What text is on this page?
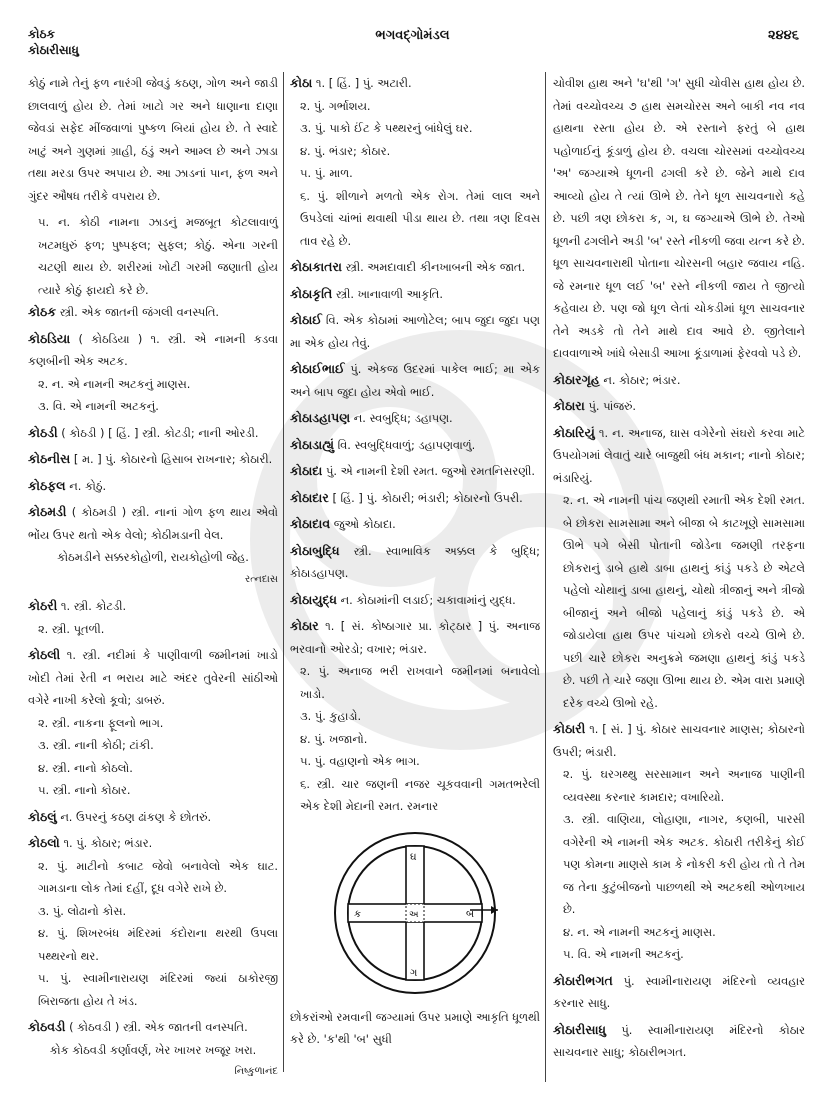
કોઠક
કોઠારીસાધુ
ભગવદ્ગોમંડલ	૨૪૪૬

કોઠું નામે તેનું ફળ નારંગી જેવડું કઠણ, ગોળ અને જાડી છાલવાળું હોય છે. તેમાં ખાટો ગર અને ધાણાના દાણા જેવડાં સફેદ મીંજવાળાં પુષ્કળ બિયાં હોય છે. તે સ્વાદે ખાટું અને ગુણમાં ગ્રાહી, ઠંડું અને આમ્લ છે અને ઝાડા તથા મરડા ઉપર અપાય છે. આ ઝાડનાં પાન, ફળ અને ગુંદર ઔષધ તરીકે વપરાય છે.

૫. ન. કોઠી નામના ઝાડનું મજબૂત કોટલાવાળું ખટમધુરું ફળ; પુષ્પફલ; સુફલ; કોઠું. એના ગરની ચટણી થાય છે. શરીરમાં ખોટી ગરમી જણાતી હોય ત્યારે કોઠું ફાયદો કરે છે.

કોઠક સ્ત્રી. એક જાતની જંગલી વનસ્પતિ.

કોઠડિયા ( કોઠડિયા ) ૧. સ્ત્રી. એ નામની કડવા કણબીની એક અટક.

૨. ન. એ નામની અટકનું માણસ.

૩. વિ. એ નામની અટકનું.

કોઠડી ( કોઠડી ) [ હિં. ] સ્ત્રી. કોટડી; નાની ઓરડી.

કોઠનીસ [ મ. ] પું. કોઠારનો હિસાબ રાખનાર; કોઠારી.

કોઠફલ ન. કોઠું.

કોઠમડી ( કોઠમડી ) સ્ત્રી. નાનાં ગોળ ફળ થાય એવો ભોંય ઉપર થતો એક વેલો; કોઠીમડાની વેલ.

કોઠમડીને સક્કરકોહોળી, રાયકોહોળી જેહ.

રત્નદાસ

કોઠરી ૧. સ્ત્રી. કોટડી.

૨. સ્ત્રી. પૂતળી.

કોઠલી ૧. સ્ત્રી. નદીમાં કે પાણીવાળી જમીનમાં ખાડો ખોદી તેમાં રેતી ન ભરાય માટે અંદર તુવેરની સાંઠીઓ વગેરે નાખી કરેલો કૂવો; ડાબરું.

૨. સ્ત્રી. નાકના ફૂલનો ભાગ.

૩. સ્ત્રી. નાની કોઠી; ટાંકી.

૪. સ્ત્રી. નાનો કોઠલો.

૫. સ્ત્રી. નાનો કોઠાર.

કોઠલું ન. ઉપરનું કઠણ ઢાંકણ કે છોતરું.

કોઠલો ૧. પું. કોઠાર; ભંડાર.

૨. પું. માટીનો કબાટ જેવો બનાવેલો એક ઘાટ. ગામડાના લોક તેમાં દહીં, દૂધ વગેરે રાખે છે.

૩. પું. લોઢાનો કોસ.

૪. પું. શિખરબંધ મંદિરમાં કંદોરાના થરથી ઉપલા પથ્થરનો થર.

૫. પું. સ્વામીનારાયણ મંદિરમાં જ્યાં ઠાકોરજી બિરાજતા હોય તે ખંડ.

કોઠવડી ( કોઠવડી ) સ્ત્રી. એક જાતની વનસ્પતિ.

કોક કોઠવડી કર્ણાવર્ણ, ખેર ખાખર ખજૂર ખરા.

નિષ્કુળાનંદ

કોઠા ૧. [ હિં. ] પું. અટારી.

૨. પું. ગર્ભાશય.

૩. પું. પાકો ઈંટ કે પથ્થરનું બાંધેલું ઘર.

૪. પું. ભંડાર; કોઠાર.

૫. પું. માળ.

૬. પું. શીળાને મળતો એક રોગ. તેમાં લાલ અને ઉપડેલાં ચાંભાં થવાથી પીડા થાય છે. તથા ત્રણ દિવસ તાવ રહે છે.

કોઠાકાતરા સ્ત્રી. અમદાવાદી કીનખાબની એક જાત.

કોઠાકૃતિ સ્ત્રી. ખાનાવાળી આકૃતિ.

કોઠાઈ વિ. એક કોઠામાં આળોટેલ; બાપ જુદા જુદા પણ મા એક હોય તેવું.

કોઠાઈભાઈ પું. એકજ ઉદરમાં પાકેલ ભાઈ; મા એક અને બાપ જુદા હોય એવો ભાઈ.

કોઠાડહાપણ ન. સ્વબુદ્ધિ; ડહાપણ.

કોઠાડાહ્યું વિ. સ્વબુદ્ધિવાળું; ડહાપણવાળું.

કોઠાદા પું. એ નામની દેશી રમત. જુઓ રમતનિસરણી.

કોઠાદાર [ હિં. ] પું. કોઠારી; ભંડારી; કોઠારનો ઉપરી.

કોઠાદાવ જુઓ કોઠાદા.

કોઠાબુદ્ધિ સ્ત્રી. સ્વાભાવિક અક્કલ કે બુદ્ધિ; કોઠાડહાપણ.

કોઠાયુદ્ધ ન. કોઠામાંની લડાઈ; ચકાવામાંનું યુદ્ધ.

કોઠાર ૧. [ સં. કોષ્ઠાગાર પ્રા. કોટ્ઠાર ] પું. અનાજ ભરવાનો ઓરડો; વખાર; ભંડાર.

૨. પું. અનાજ ભરી રાખવાને જમીનમાં બનાવેલો ખાડો.

૩. પું. કુહાડો.

૪. પું. ખજાનો.

૫. પું. વહાણનો એક ભાગ.

૬. સ્ત્રી. ચાર જણની નજર ચૂકવવાની ગમતભરેલી એક દેશી મેદાની રમત. રમનાર

ઘ
ક	અ	બ
ગ

છોકરાંઓ રમવાની જગ્યામાં ઉપર પ્રમાણે આકૃતિ ધૂળથી કરે છે. 'ક'થી 'બ' સુધી

ચોવીશ હાથ અને 'ઘ'થી 'ગ' સુધી ચોવીસ હાથ હોય છે. તેમાં વચ્ચોવચ્ચ ૭ હાથ સમચોરસ અને બાકી નવ નવ હાથના રસ્તા હોય છે. એ રસ્તાને ફરતું બે હાથ પહોળાઈનું કૂંડાળું હોય છે. વચલા ચોરસમાં વચ્ચોવચ્ચ 'અ' જગ્યાએ ધૂળની ઢગલી કરે છે. જેને માથે દાવ આવ્યો હોય તે ત્યાં ઊભે છે. તેને ધૂળ સાચવનારો કહે છે. પછી ત્રણ છોકરા ક, ગ, ઘ જગ્યાએ ઊભે છે. તેઓ ધૂળની ઢગલીને અડી 'બ' રસ્તે નીકળી જવા યત્ન કરે છે. ધૂળ સાચવનારાથી પોતાના ચોરસની બહાર જવાય નહિ. જે રમનાર ધૂળ લઈ 'બ' રસ્તે નીકળી જાય તે જીત્યો કહેવાય છે. પણ જો ધૂળ લેતાં ચોકડીમાં ધૂળ સાચવનાર તેને અડકે તો તેને માથે દાવ આવે છે. જીતેલાને દાવવાળાએ ખાંધે બેસાડી આખા કૂંડાળામાં ફેરવવો પડે છે.

કોઠારગૃહ ન. કોઠાર; ભંડાર.

કોઠારા પું. પાંજરું.

કોઠારિયું ૧. ન. અનાજ, ઘાસ વગેરેનો સંઘરો કરવા માટે ઉપયોગમાં લેવાતું ચારે બાજુથી બંધ મકાન; નાનો કોઠાર; ભંડારિયું.

૨. ન. એ નામની પાંચ જણથી રમાતી એક દેશી રમત. બે છોકરા સામસામા અને બીજા બે કાટખૂણે સામસામા ઊભે પગે બેસી પોતાની જોડેના જમણી તરફના છોકરાનું ડાબે હાથે ડાબા હાથનું કાંડું પકડે છે એટલે પહેલો ચોથાનું ડાબા હાથનું, ચોથો ત્રીજાનું અને ત્રીજો બીજાનું અને બીજો પહેલાનું કાંડું પકડે છે. એ જોડાયેલા હાથ ઉપર પાંચમો છોકરો વચ્ચે ઊભે છે. પછી ચારે છોકરા અનુક્રમે જમણા હાથનું કાંડું પકડે છે. પછી તે ચારે જણા ઊભા થાય છે. એમ વારા પ્રમાણે દરેક વચ્ચે ઊભો રહે.

કોઠારી ૧. [ સં. ] પું. કોઠાર સાચવનાર માણસ; કોઠારનો ઉપરી; ભંડારી.

૨. પું. ઘરગથ્થુ સરસામાન અને અનાજ પાણીની વ્યવસ્થા કરનાર કામદાર; વખારિયો.

૩. સ્ત્રી. વાણિયા, લોહાણા, નાગર, કણબી, પારસી વગેરેની એ નામની એક અટક. કોઠારી તરીકેનું કોઈ પણ કોમના માણસે કામ કે નોકરી કરી હોય તો તે તેમ જ તેના કુટુંબીજનો પાછળથી એ અટકથી ઓળખાય છે.

૪. ન. એ નામની અટકનું માણસ.

૫. વિ. એ નામની અટકનું.

કોઠારીભગત પું. સ્વામીનારાયણ મંદિરનો વ્યવહાર કરનાર સાધુ.

કોઠારીસાધુ પું. સ્વામીનારાયણ મંદિરનો કોઠાર સાચવનાર સાધુ; કોઠારીભગત.
